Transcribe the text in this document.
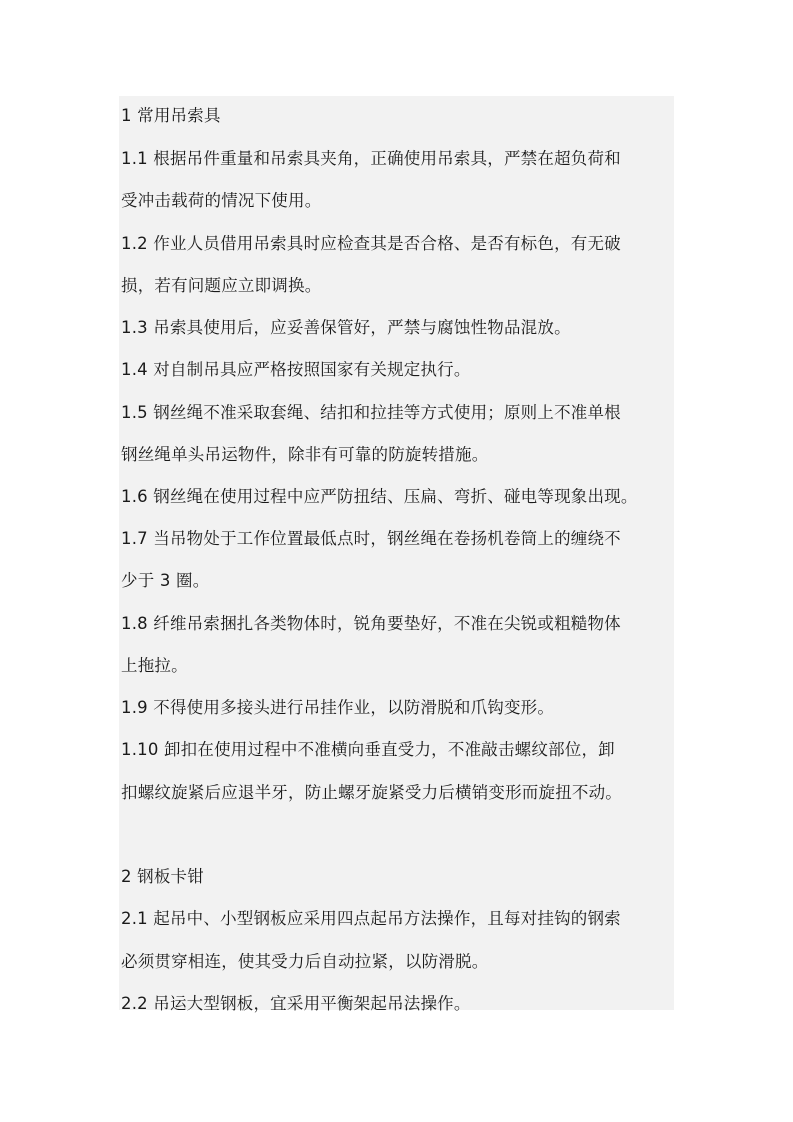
1 常用吊索具
1.1 根据吊件重量和吊索具夹角，正确使用吊索具，严禁在超负荷和
受冲击载荷的情况下使用。
1.2 作业人员借用吊索具时应检查其是否合格、是否有标色，有无破
损，若有问题应立即调换。
1.3 吊索具使用后，应妥善保管好，严禁与腐蚀性物品混放。
1.4 对自制吊具应严格按照国家有关规定执行。
1.5 钢丝绳不准采取套绳、结扣和拉挂等方式使用；原则上不准单根
钢丝绳单头吊运物件，除非有可靠的防旋转措施。
1.6 钢丝绳在使用过程中应严防扭结、压扁、弯折、碰电等现象出现。
1.7 当吊物处于工作位置最低点时，钢丝绳在卷扬机卷筒上的缠绕不
少于 3 圈。
1.8 纤维吊索捆扎各类物体时，锐角要垫好，不准在尖锐或粗糙物体
上拖拉。
1.9 不得使用多接头进行吊挂作业，以防滑脱和爪钩变形。
1.10 卸扣在使用过程中不准横向垂直受力，不准敲击螺纹部位，卸
扣螺纹旋紧后应退半牙，防止螺牙旋紧受力后横销变形而旋扭不动。
2 钢板卡钳
2.1 起吊中、小型钢板应采用四点起吊方法操作，且每对挂钩的钢索
必须贯穿相连，使其受力后自动拉紧，以防滑脱。
2.2 吊运大型钢板，宜采用平衡架起吊法操作。
